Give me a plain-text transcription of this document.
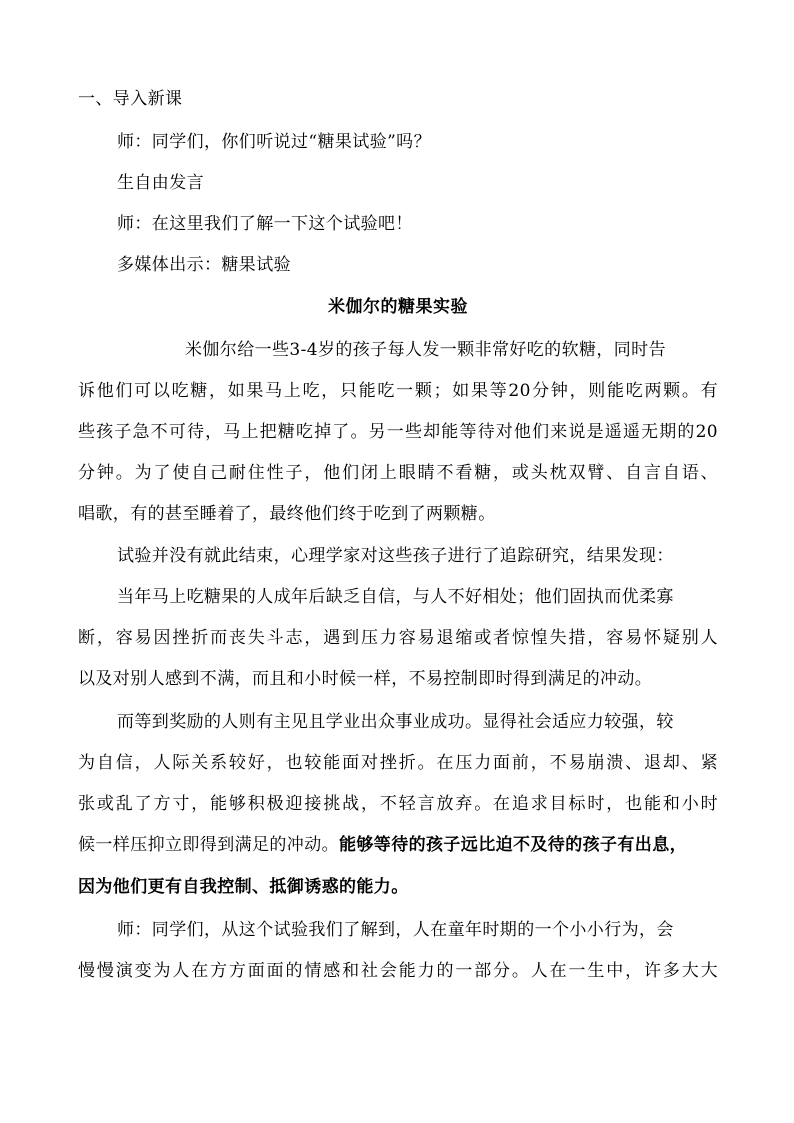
一、导入新课
师：同学们，你们听说过“糖果试验”吗？
生自由发言
师：在这里我们了解一下这个试验吧！
多媒体出示：糖果试验
米伽尔的糖果实验
米伽尔给一些3-4岁的孩子每人发一颗非常好吃的软糖，同时告
诉他们可以吃糖，如果马上吃，只能吃一颗；如果等20分钟，则能吃两颗。有
些孩子急不可待，马上把糖吃掉了。另一些却能等待对他们来说是遥遥无期的20
分钟。为了使自己耐住性子，他们闭上眼睛不看糖，或头枕双臂、自言自语、
唱歌，有的甚至睡着了，最终他们终于吃到了两颗糖。
试验并没有就此结束，心理学家对这些孩子进行了追踪研究，结果发现：
当年马上吃糖果的人成年后缺乏自信，与人不好相处；他们固执而优柔寡
断，容易因挫折而丧失斗志，遇到压力容易退缩或者惊惶失措，容易怀疑别人
以及对别人感到不满，而且和小时候一样，不易控制即时得到满足的冲动。
而等到奖励的人则有主见且学业出众事业成功。显得社会适应力较强，较
为自信，人际关系较好，也较能面对挫折。在压力面前，不易崩溃、退却、紧
张或乱了方寸，能够积极迎接挑战，不轻言放弃。在追求目标时，也能和小时
候一样压抑立即得到满足的冲动。能够等待的孩子远比迫不及待的孩子有出息，
因为他们更有自我控制、抵御诱惑的能力。
师：同学们，从这个试验我们了解到，人在童年时期的一个小小行为，会
慢慢演变为人在方方面面的情感和社会能力的一部分。人在一生中，许多大大
